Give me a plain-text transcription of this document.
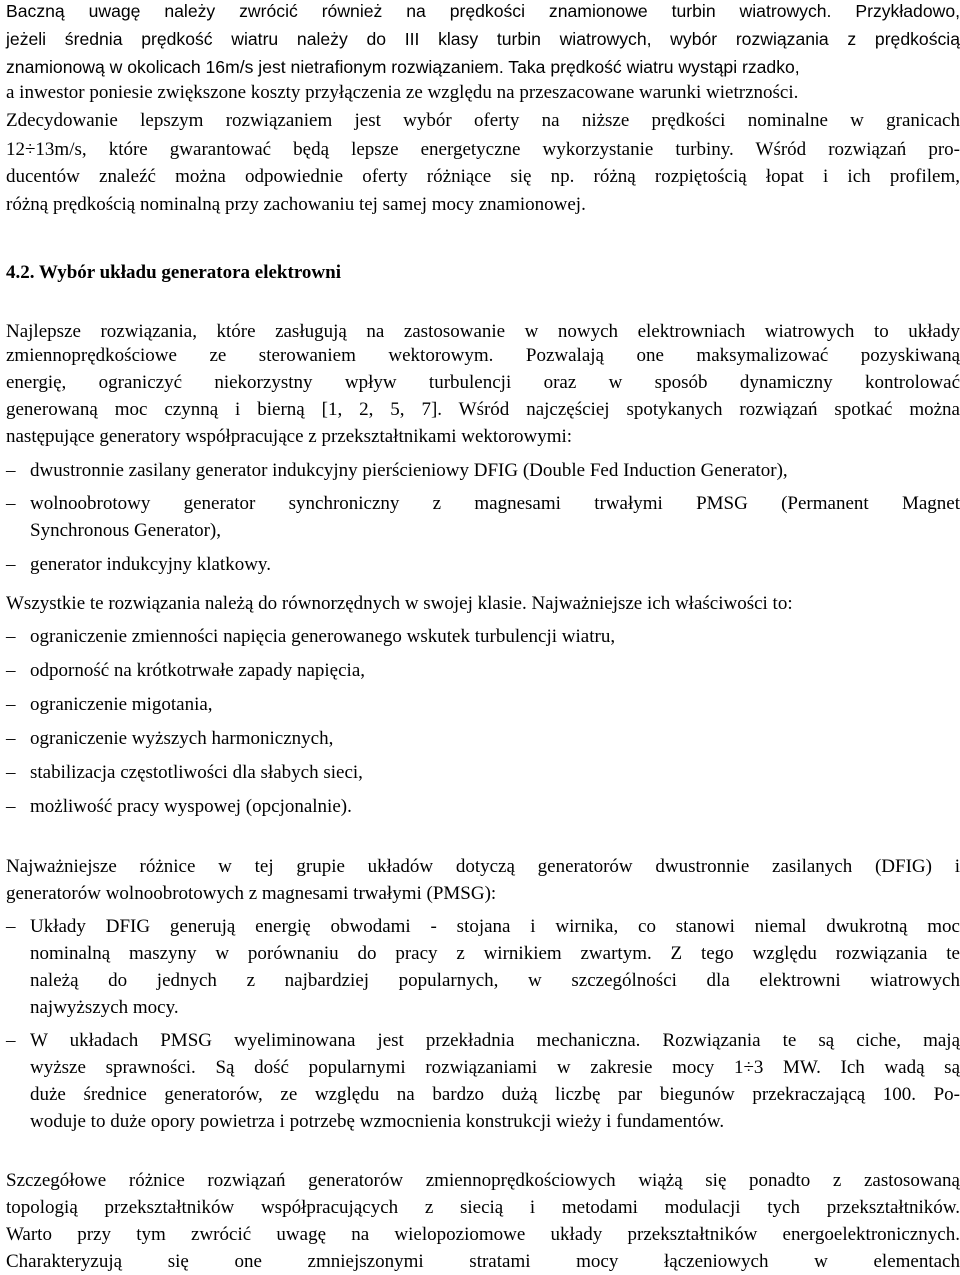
Baczną uwagę należy zwrócić również na prędkości znamionowe turbin wiatrowych. Przykładowo,
jeżeli średnia prędkość wiatru należy do III klasy turbin wiatrowych, wybór rozwiązania z prędkością
znamionową w okolicach 16m/s jest nietrafionym rozwiązaniem. Taka prędkość wiatru wystąpi rzadko,
a inwestor poniesie zwiększone koszty przyłączenia ze względu na przeszacowane warunki wietrzności.
Zdecydowanie lepszym rozwiązaniem jest wybór oferty na niższe prędkości nominalne w granicach
12÷13m/s, które gwarantować będą lepsze energetyczne wykorzystanie turbiny. Wśród rozwiązań pro-
ducentów znaleźć można odpowiednie oferty różniące się np. różną rozpiętością łopat i ich profilem,
różną prędkością nominalną przy zachowaniu tej samej mocy znamionowej.
4.2. Wybór układu generatora elektrowni
Najlepsze rozwiązania, które zasługują na zastosowanie w nowych elektrowniach wiatrowych to układy
zmiennoprędkościowe ze sterowaniem wektorowym. Pozwalają one maksymalizować pozyskiwaną
energię, ograniczyć niekorzystny wpływ turbulencji oraz w sposób dynamiczny kontrolować
generowaną moc czynną i bierną [1, 2, 5, 7]. Wśród najczęściej spotykanych rozwiązań spotkać można
następujące generatory współpracujące z przekształtnikami wektorowymi:
– dwustronnie zasilany generator indukcyjny pierścieniowy DFIG (Double Fed Induction Generator),
– wolnoobrotowy generator synchroniczny z magnesami trwałymi PMSG (Permanent Magnet
Synchronous Generator),
– generator indukcyjny klatkowy.
Wszystkie te rozwiązania należą do równorzędnych w swojej klasie. Najważniejsze ich właściwości to:
– ograniczenie zmienności napięcia generowanego wskutek turbulencji wiatru,
– odporność na krótkotrwałe zapady napięcia,
– ograniczenie migotania,
– ograniczenie wyższych harmonicznych,
– stabilizacja częstotliwości dla słabych sieci,
– możliwość pracy wyspowej (opcjonalnie).
Najważniejsze różnice w tej grupie układów dotyczą generatorów dwustronnie zasilanych (DFIG) i
generatorów wolnoobrotowych z magnesami trwałymi (PMSG):
– Układy DFIG generują energię obwodami - stojana i wirnika, co stanowi niemal dwukrotną moc
nominalną maszyny w porównaniu do pracy z wirnikiem zwartym. Z tego względu rozwiązania te
należą do jednych z najbardziej popularnych, w szczególności dla elektrowni wiatrowych
najwyższych mocy.
– W układach PMSG wyeliminowana jest przekładnia mechaniczna. Rozwiązania te są ciche, mają
wyższe sprawności. Są dość popularnymi rozwiązaniami w zakresie mocy 1÷3 MW. Ich wadą są
duże średnice generatorów, ze względu na bardzo dużą liczbę par biegunów przekraczającą 100. Po-
woduje to duże opory powietrza i potrzebę wzmocnienia konstrukcji wieży i fundamentów.
Szczegółowe różnice rozwiązań generatorów zmiennoprędkościowych wiążą się ponadto z zastosowaną
topologią przekształtników współpracujących z siecią i metodami modulacji tych przekształtników.
Warto przy tym zwrócić uwagę na wielopoziomowe układy przekształtników energoelektronicznych.
Charakteryzują się one zmniejszonymi stratami mocy łączeniowych w elementach
